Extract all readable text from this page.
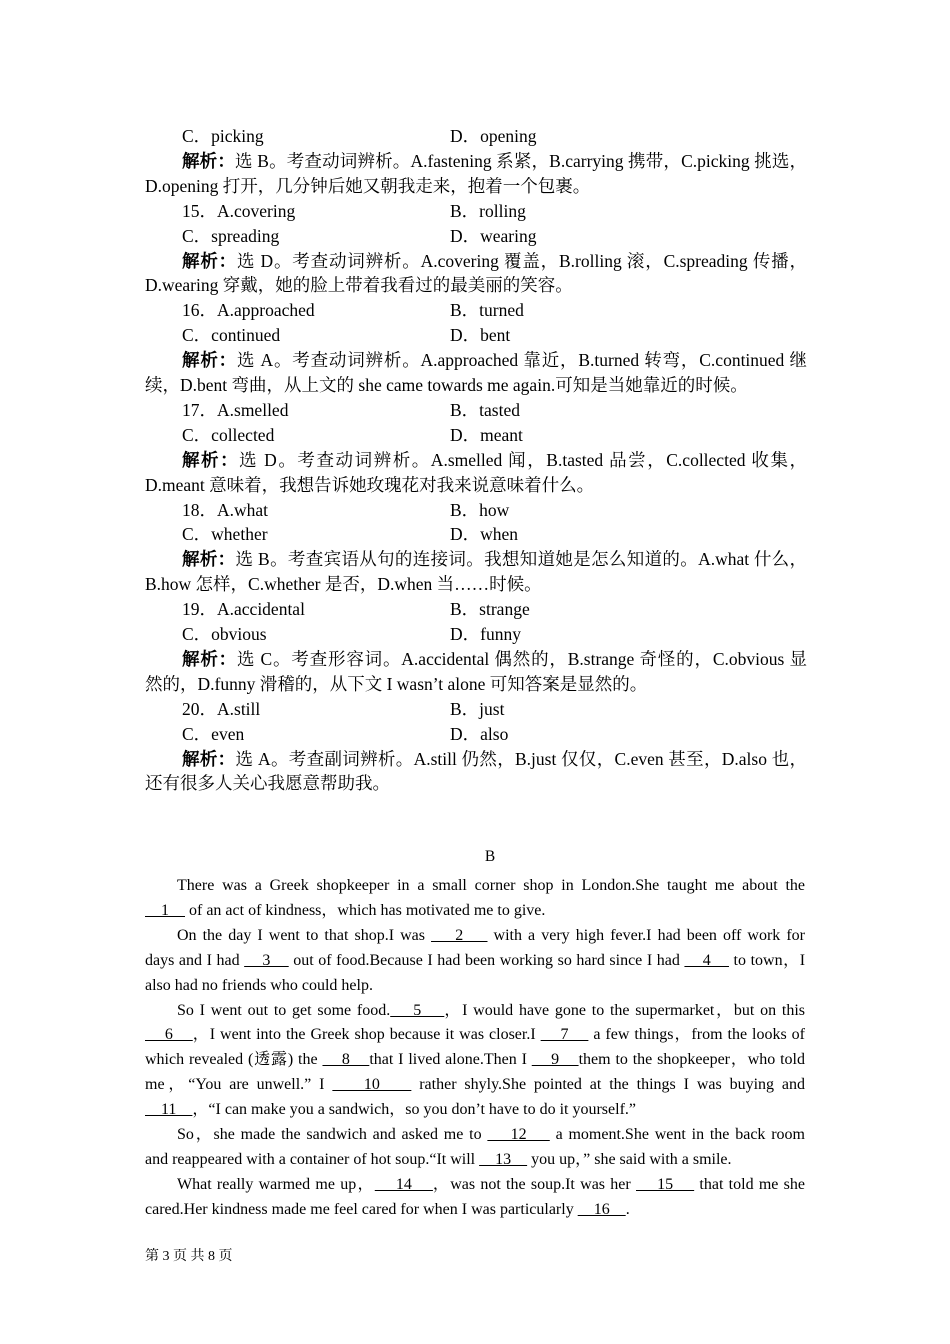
C．picking	D．opening
解析：选 B。考查动词辨析。A.fastening 系紧，B.carrying 携带，C.picking 挑选，
D.opening 打开，几分钟后她又朝我走来，抱着一个包裹。
15．A.covering	B．rolling
C．spreading	D．wearing
解析：选 D。考查动词辨析。A.covering 覆盖，B.rolling 滚，C.spreading 传播，
D.wearing 穿戴，她的脸上带着我看过的最美丽的笑容。
16．A.approached	B．turned
C．continued	D．bent
解析：选 A。考查动词辨析。A.approached 靠近，B.turned 转弯，C.continued 继
续，D.bent 弯曲，从上文的 she came towards me again.可知是当她靠近的时候。
17．A.smelled	B．tasted
C．collected	D．meant
解析：选 D。考查动词辨析。A.smelled 闻，B.tasted 品尝，C.collected 收集，
D.meant 意味着，我想告诉她玫瑰花对我来说意味着什么。
18．A.what	B．how
C．whether	D．when
解析：选 B。考查宾语从句的连接词。我想知道她是怎么知道的。A.what 什么，
B.how 怎样，C.whether 是否，D.when 当……时候。
19．A.accidental	B．strange
C．obvious	D．funny
解析：选 C。考查形容词。A.accidental 偶然的，B.strange 奇怪的，C.obvious 显
然的，D.funny 滑稽的，从下文 I wasn’t alone 可知答案是显然的。
20．A.still	B．just
C．even	D．also
解析：选 A。考查副词辨析。A.still 仍然，B.just 仅仅，C.even 甚至，D.also 也，
还有很多人关心我愿意帮助我。
B
There was a Greek shopkeeper in a small corner shop in London.She taught me about the
1     of an act of kindness，which has motivated me to give.
On the day I went to that shop.I was     2     with a very high fever.I had been off work for
days and I had     3     out of food.Because I had been working so hard since I had     4     to town，I
also had no friends who could help.
So I went out to get some food.    5    ，I would have gone to the supermarket，but on this
6    ，I went into the Greek shop because it was closer.I     7     a few things，from the looks of
which revealed (透露) the     8    that I lived alone.Then I     9    them to the shopkeeper，who told
me，“You are unwell.” I     10     rather shyly.She pointed at the things I was buying and
11    ，“I can make you a sandwich，so you don’t have to do it yourself.”
So，she made the sandwich and asked me to     12     a moment.She went in the back room
and reappeared with a container of hot soup.“It will     13     you up，” she said with a smile.
What really warmed me up，    14    ，was not the soup.It was her     15     that told me she
cared.Her kindness made me feel cared for when I was particularly     16    .
第 3 页 共 8 页
